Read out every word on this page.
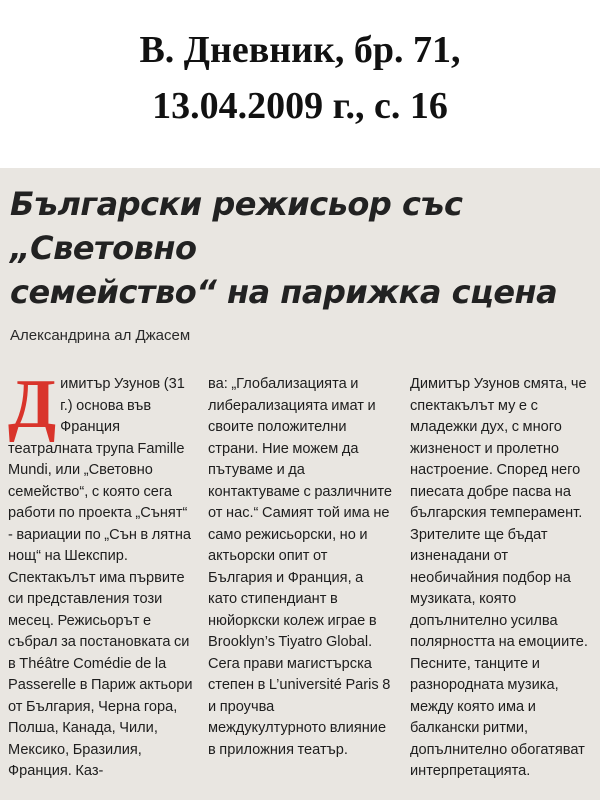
В. Дневник, бр. 71,
13.04.2009 г., с. 16
Български режисьор със „Световно
семейство“ на парижка сцена
Александрина ал Джасем

Димитър Узунов (31 г.) основа във Франция театралната трупа Famille Mundi, или „Световно семейство“, с която сега работи по проекта „Сънят“ - вариации по „Сън в лятна нощ“ на Шекспир. Спектакълът има първите си представления този месец. Режисьорът е събрал за постановката си в Théâtre Comédie de la Passerelle в Париж актьори от България, Черна гора, Полша, Канада, Чили, Мексико, Бразилия, Франция. Каз-

ва: „Глобализацията и либерализацията имат и своите положителни страни. Ние можем да пътуваме и да контактуваме с различните от нас.“ Самият той има не само режисьорски, но и актьорски опит от България и Франция, а като стипендиант в нюйоркски колеж играе в Brooklyn’s Tiyatro Global. Сега прави магистърска степен в L’université Paris 8 и проучва междукултурното влияние в приложния театър.

Димитър Узунов смята, че спектакълът му е с младежки дух, с много жизненост и пролетно настроение. Според него пиесата добре пасва на българския темперамент. Зрителите ще бъдат изненадани от необичайния подбор на музиката, която допълнително усилва полярността на емоциите. Песните, танците и разнородната музика, между която има и балкански ритми, допълнително обогатяват интерпретацията.
